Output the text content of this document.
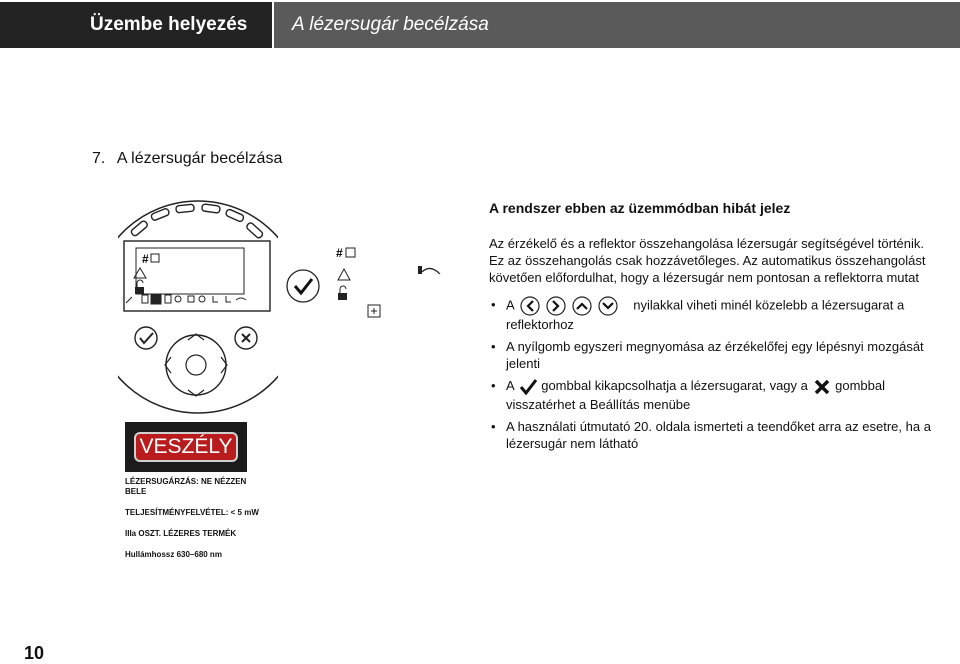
Üzembe helyezés A lézersugár becélzása
7. A lézersugár becélzása
#	#
VESZÉLY
LÉZERSUGÁRZÁS: NE NÉZZEN BELE
TELJESÍTMÉNYFELVÉTEL: < 5 mW
IIIa OSZT. LÉZERES TERMÉK
Hullámhossz 630–680 nm
A rendszer ebben az üzemmódban hibát jelez

Az érzékelő és a reflektor összehangolása lézersugár segítségével történik. Ez az összehangolás csak hozzávetőleges. Az automatikus összehangolást követően előfordulhat, hogy a lézersugár nem pontosan a reflektorra mutat

• A	nyilakkal viheti minél közelebb a lézersugarat a reflektorhoz
• A nyílgomb egyszeri megnyomása az érzékelőfej egy lépésnyi mozgását jelenti
• A gombbal kikapcsolhatja a lézersugarat, vagy a gombbal visszatérhet a Beállítás menübe
• A használati útmutató 20. oldala ismerteti a teendőket arra az esetre, ha a lézersugár nem látható
10
